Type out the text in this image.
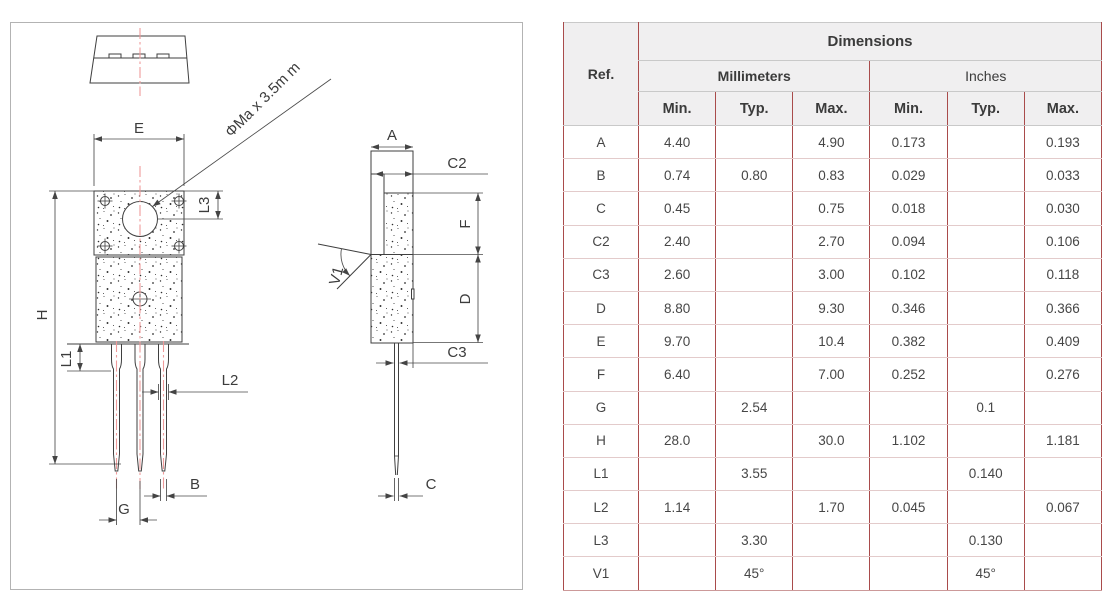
E	ΦMa x 3.5m m
L3
H
L1
L2
B
G
V1
A
C2
F
D
C3
C
Ref.	Dimensions					
	Millimeters			Inches		
	Min.	Typ.	Max.	Min.	Typ.	Max.
A	4.40		4.90	0.173		0.193
B	0.74	0.80	0.83	0.029		0.033
C	0.45		0.75	0.018		0.030
C2	2.40		2.70	0.094		0.106
C3	2.60		3.00	0.102		0.118
D	8.80		9.30	0.346		0.366
E	9.70		10.4	0.382		0.409
F	6.40		7.00	0.252		0.276
G		2.54			0.1	
H	28.0		30.0	1.102		1.181
L1		3.55			0.140	
L2	1.14		1.70	0.045		0.067
L3		3.30			0.130	
V1		45°			45°	
